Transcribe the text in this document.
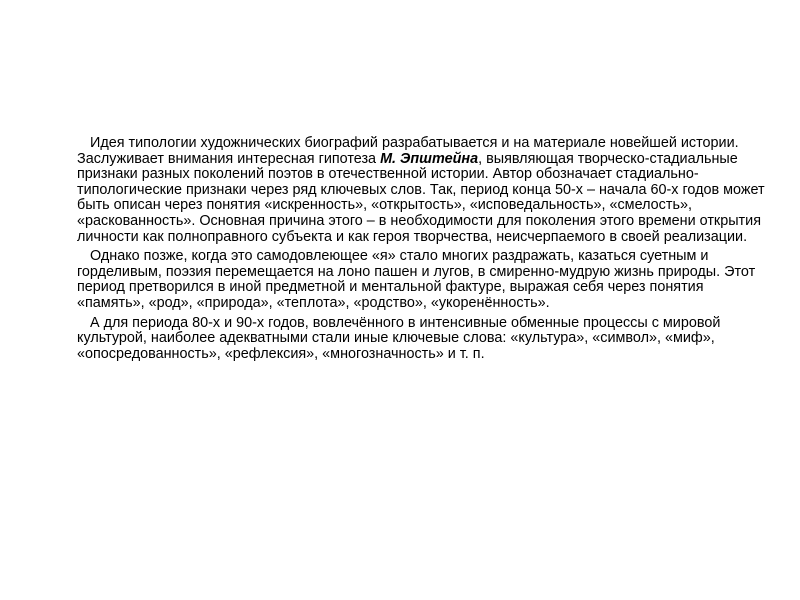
Идея типологии художнических биографий разрабатывается и на материале новейшей истории. Заслуживает внимания интересная гипотеза М. Эпштейна, выявляющая творческо-стадиальные признаки разных поколений поэтов в отечественной истории. Автор обозначает стадиально-типологические признаки через ряд ключевых слов. Так, период конца 50-х – начала 60-х годов может быть описан через понятия «искренность», «открытость», «исповедальность», «смелость», «раскованность». Основная причина этого – в необходимости для поколения этого времени открытия личности как полноправного субъекта и как героя творчества, неисчерпаемого в своей реализации.

Однако позже, когда это самодовлеющее «я» стало многих раздражать, казаться суетным и горделивым, поэзия перемещается на лоно пашен и лугов, в смиренно-мудрую жизнь природы. Этот период претворился в иной предметной и ментальной фактуре, выражая себя через понятия «память», «род», «природа», «теплота», «родство», «укоренённость».

А для периода 80-х и 90-х годов, вовлечённого в интенсивные обменные процессы с мировой культурой, наиболее адекватными стали иные ключевые слова: «культура», «символ», «миф», «опосредованность», «рефлексия», «многозначность» и т. п.
